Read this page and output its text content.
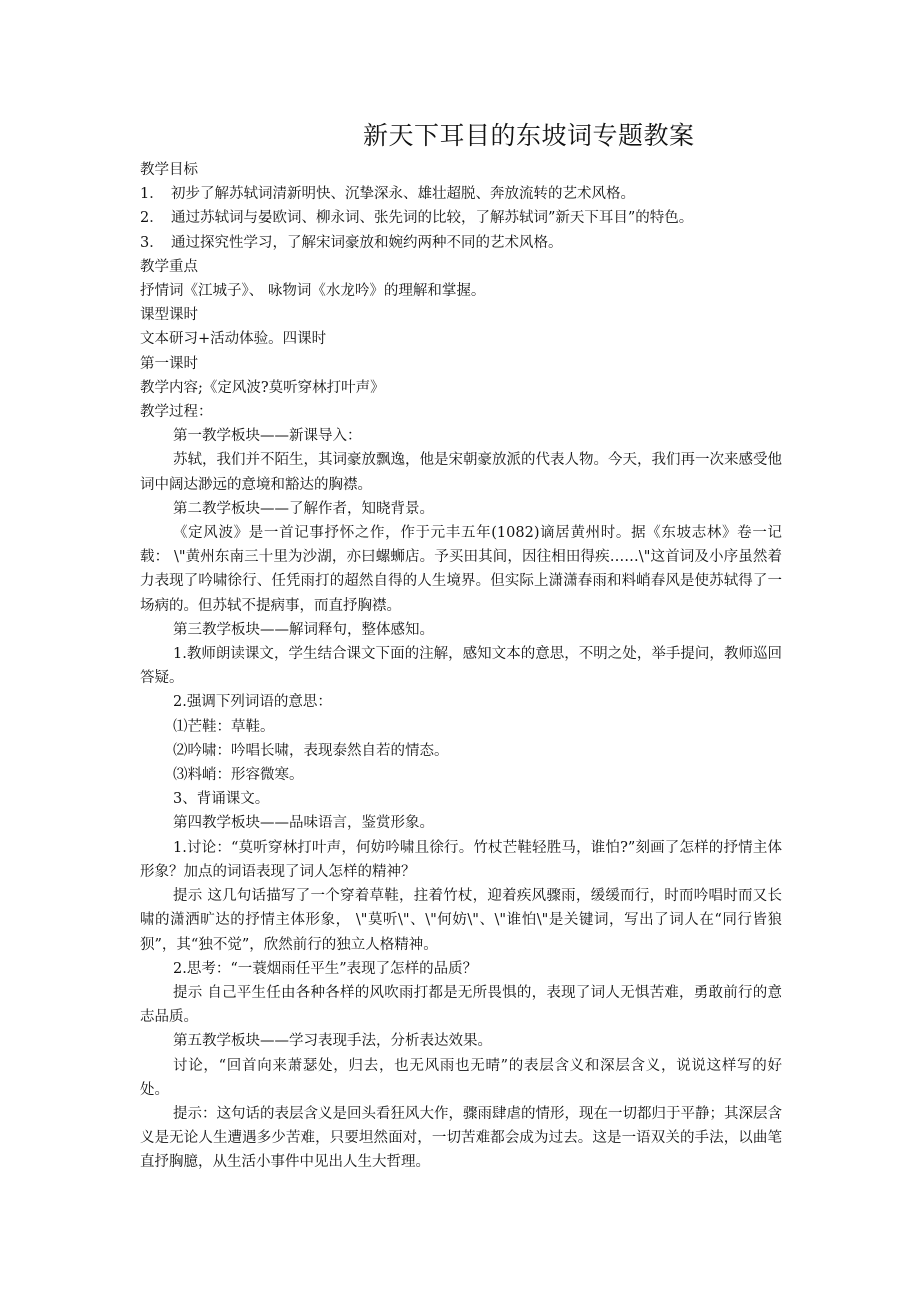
新天下耳目的东坡词专题教案

教学目标

1．　初步了解苏轼词清新明快、沉挚深永、雄壮超脱、奔放流转的艺术风格。

2．　通过苏轼词与晏欧词、柳永词、张先词的比较，了解苏轼词”新天下耳目”的特色。

3．　通过探究性学习，了解宋词豪放和婉约两种不同的艺术风格。

教学重点

抒情词《江城子》、 咏物词《水龙吟》的理解和掌握。

课型课时

文本研习+活动体验。四课时

第一课时

教学内容;《定风波?莫听穿林打叶声》

教学过程：

第一教学板块——新课导入：

苏轼，我们并不陌生，其词豪放飘逸，他是宋朝豪放派的代表人物。今天，我们再一次来感受他词中阔达渺远的意境和豁达的胸襟。

第二教学板块——了解作者，知晓背景。

《定风波》是一首记事抒怀之作，作于元丰五年(1082)谪居黄州时。据《东坡志林》卷一记载： \"黄州东南三十里为沙湖，亦曰螺蛳店。予买田其间，因往相田得疾……\"这首词及小序虽然着力表现了吟啸徐行、任凭雨打的超然自得的人生境界。但实际上潇潇春雨和料峭春风是使苏轼得了一场病的。但苏轼不提病事，而直抒胸襟。

第三教学板块——解词释句，整体感知。

1.教师朗读课文，学生结合课文下面的注解，感知文本的意思，不明之处，举手提问，教师巡回答疑。

2.强调下列词语的意思：

⑴芒鞋：草鞋。

⑵吟啸：吟唱长啸，表现泰然自若的情态。

⑶料峭：形容微寒。

3、背诵课文。

第四教学板块——品味语言，鉴赏形象。

1.讨论：“莫听穿林打叶声，何妨吟啸且徐行。竹杖芒鞋轻胜马，谁怕?”刻画了怎样的抒情主体形象？加点的词语表现了词人怎样的精神？

提示 这几句话描写了一个穿着草鞋，拄着竹杖，迎着疾风骤雨，缓缓而行，时而吟唱时而又长啸的潇洒旷达的抒情主体形象， \"莫听\"、\"何妨\"、\"谁怕\"是关键词，写出了词人在“同行皆狼狈”，其“独不觉”，欣然前行的独立人格精神。

2.思考：“一蓑烟雨任平生”表现了怎样的品质？

提示 自己平生任由各种各样的风吹雨打都是无所畏惧的，表现了词人无惧苦难，勇敢前行的意志品质。

第五教学板块——学习表现手法，分析表达效果。

讨论，“回首向来萧瑟处，归去，也无风雨也无晴”的表层含义和深层含义，说说这样写的好处。

提示：这句话的表层含义是回头看狂风大作，骤雨肆虐的情形，现在一切都归于平静；其深层含义是无论人生遭遇多少苦难，只要坦然面对，一切苦难都会成为过去。这是一语双关的手法，以曲笔直抒胸臆，从生活小事件中见出人生大哲理。
